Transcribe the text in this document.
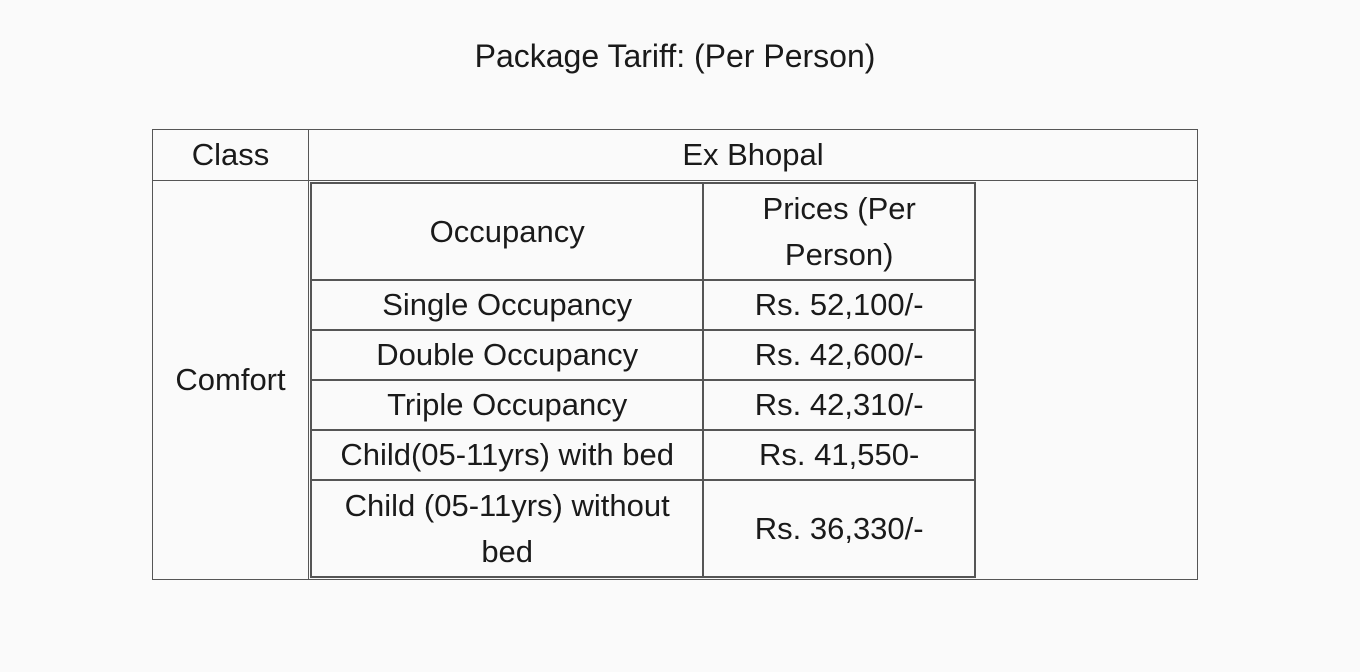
Package Tariff: (Per Person)
Class	Ex Bhopal
Comfort	
Occupancy	Prices (Per Person)
Single Occupancy	Rs. 52,100/-
Double Occupancy	Rs. 42,600/-
Triple Occupancy	Rs. 42,310/-
Child(05-11yrs) with bed	Rs. 41,550-
Child (05-11yrs) without bed	Rs. 36,330/-
